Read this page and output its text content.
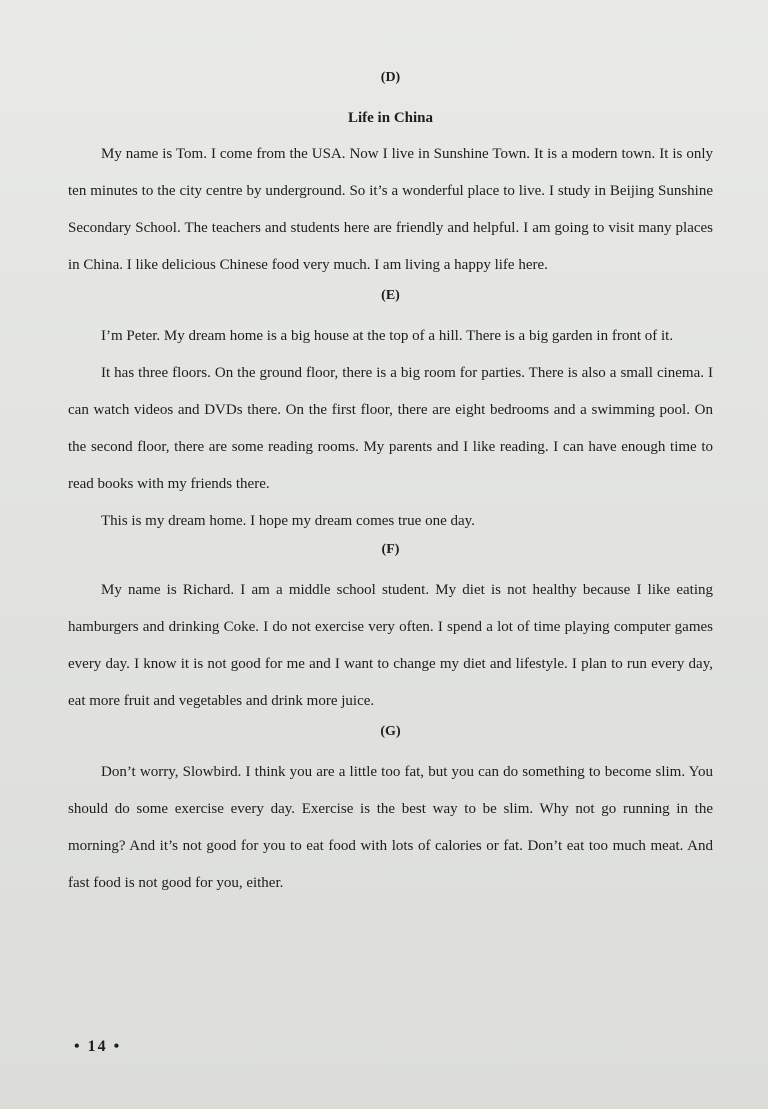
(D)
Life in China

My name is Tom. I come from the USA. Now I live in Sunshine Town. It is a modern town. It is only ten minutes to the city centre by underground. So it’s a wonderful place to live. I study in Beijing Sunshine Secondary School. The teachers and students here are friendly and helpful. I am going to visit many places in China. I like delicious Chinese food very much. I am living a happy life here.

(E)

I’m Peter. My dream home is a big house at the top of a hill. There is a big garden in front of it.

It has three floors. On the ground floor, there is a big room for parties. There is also a small cinema. I can watch videos and DVDs there. On the first floor, there are eight bedrooms and a swimming pool. On the second floor, there are some reading rooms. My parents and I like reading. I can have enough time to read books with my friends there.

This is my dream home. I hope my dream comes true one day.

(F)

My name is Richard. I am a middle school student. My diet is not healthy because I like eating hamburgers and drinking Coke. I do not exercise very often. I spend a lot of time playing computer games every day. I know it is not good for me and I want to change my diet and lifestyle. I plan to run every day, eat more fruit and vegetables and drink more juice.

(G)

Don’t worry, Slowbird. I think you are a little too fat, but you can do something to become slim. You should do some exercise every day. Exercise is the best way to be slim. Why not go running in the morning? And it’s not good for you to eat food with lots of calories or fat. Don’t eat too much meat. And fast food is not good for you, either.

• 14 •
